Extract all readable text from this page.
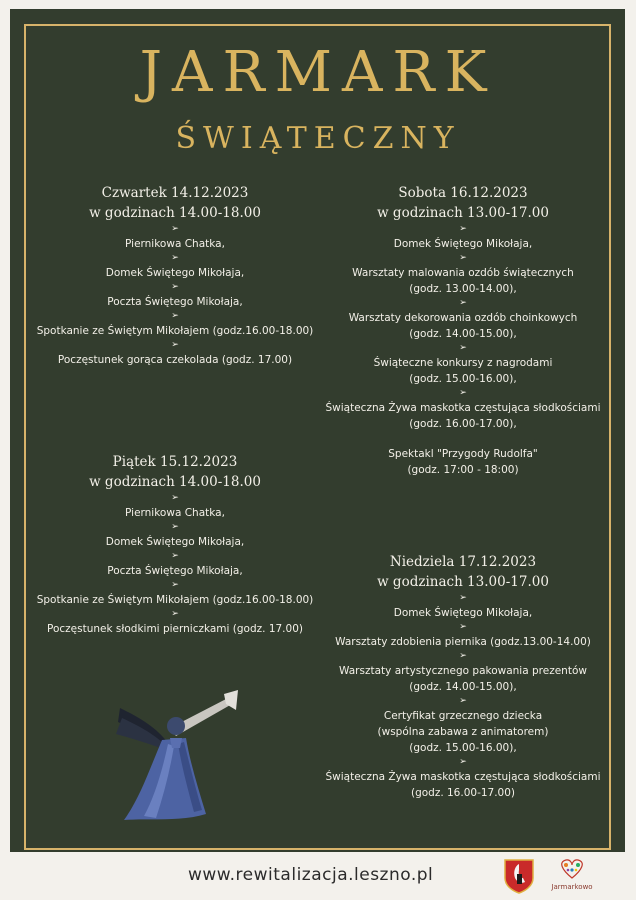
JARMARK
ŚWIĄTECZNY
Czwartek 14.12.2023
w godzinach 14.00-18.00
➢
Piernikowa Chatka,
➢
Domek Świętego Mikołaja,
➢
Poczta Świętego Mikołaja,
➢
Spotkanie ze Świętym Mikołajem (godz.16.00-18.00)
➢
Poczęstunek gorąca czekolada (godz. 17.00)
Piątek 15.12.2023
w godzinach 14.00-18.00
➢
Piernikowa Chatka,
➢
Domek Świętego Mikołaja,
➢
Poczta Świętego Mikołaja,
➢
Spotkanie ze Świętym Mikołajem (godz.16.00-18.00)
➢
Poczęstunek słodkimi pierniczkami (godz. 17.00)
Sobota 16.12.2023
w godzinach 13.00-17.00
➢
Domek Świętego Mikołaja,
➢
Warsztaty malowania ozdób świątecznych
(godz. 13.00-14.00),
➢
Warsztaty dekorowania ozdób choinkowych
(godz. 14.00-15.00),
➢
Świąteczne konkursy z nagrodami
(godz. 15.00-16.00),
➢
Świąteczna Żywa maskotka częstująca słodkościami
(godz. 16.00-17.00),
Spektakl "Przygody Rudolfa"
(godz. 17:00 - 18:00)
Niedziela 17.12.2023
w godzinach 13.00-17.00
➢
Domek Świętego Mikołaja,
➢
Warsztaty zdobienia piernika (godz.13.00-14.00)
➢
Warsztaty artystycznego pakowania prezentów
(godz. 14.00-15.00),
➢
Certyfikat grzecznego dziecka
(wspólna zabawa z animatorem)
(godz. 15.00-16.00),
➢
Świąteczna Żywa maskotka częstująca słodkościami
(godz. 16.00-17.00)
www.rewitalizacja.leszno.pl
Jarmarkowo
